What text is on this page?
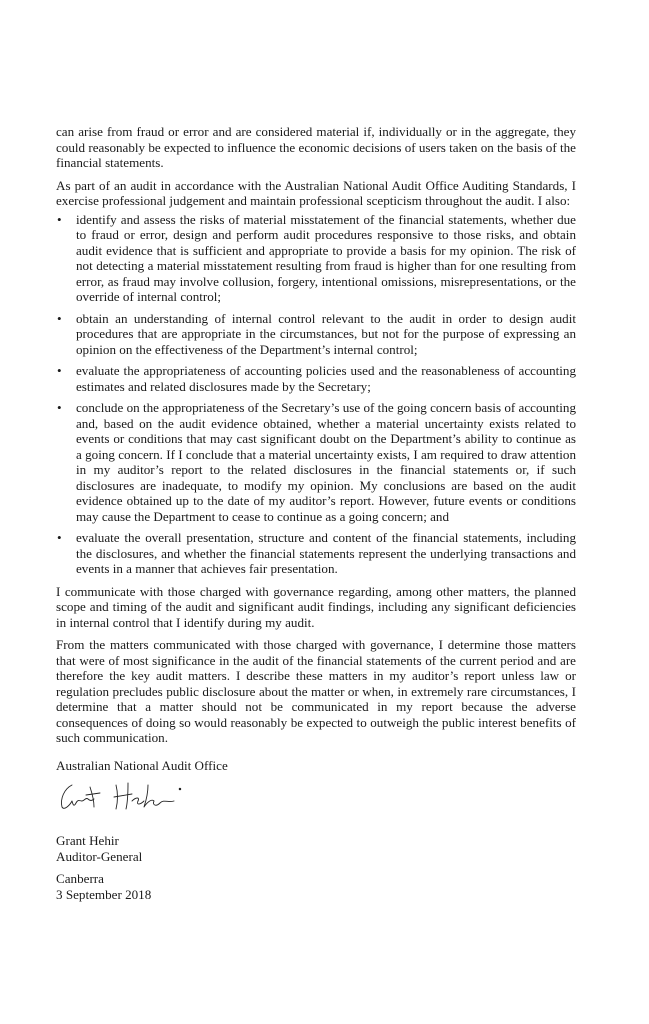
can arise from fraud or error and are considered material if, individually or in the aggregate, they could reasonably be expected to influence the economic decisions of users taken on the basis of the financial statements.

As part of an audit in accordance with the Australian National Audit Office Auditing Standards, I exercise professional judgement and maintain professional scepticism throughout the audit. I also:

• identify and assess the risks of material misstatement of the financial statements, whether due to fraud or error, design and perform audit procedures responsive to those risks, and obtain audit evidence that is sufficient and appropriate to provide a basis for my opinion. The risk of not detecting a material misstatement resulting from fraud is higher than for one resulting from error, as fraud may involve collusion, forgery, intentional omissions, misrepresentations, or the override of internal control;
• obtain an understanding of internal control relevant to the audit in order to design audit procedures that are appropriate in the circumstances, but not for the purpose of expressing an opinion on the effectiveness of the Department’s internal control;
• evaluate the appropriateness of accounting policies used and the reasonableness of accounting estimates and related disclosures made by the Secretary;
• conclude on the appropriateness of the Secretary’s use of the going concern basis of accounting and, based on the audit evidence obtained, whether a material uncertainty exists related to events or conditions that may cast significant doubt on the Department’s ability to continue as a going concern. If I conclude that a material uncertainty exists, I am required to draw attention in my auditor’s report to the related disclosures in the financial statements or, if such disclosures are inadequate, to modify my opinion. My conclusions are based on the audit evidence obtained up to the date of my auditor’s report. However, future events or conditions may cause the Department to cease to continue as a going concern; and
• evaluate the overall presentation, structure and content of the financial statements, including the disclosures, and whether the financial statements represent the underlying transactions and events in a manner that achieves fair presentation.

I communicate with those charged with governance regarding, among other matters, the planned scope and timing of the audit and significant audit findings, including any significant deficiencies in internal control that I identify during my audit.

From the matters communicated with those charged with governance, I determine those matters that were of most significance in the audit of the financial statements of the current period and are therefore the key audit matters. I describe these matters in my auditor’s report unless law or regulation precludes public disclosure about the matter or when, in extremely rare circumstances, I determine that a matter should not be communicated in my report because the adverse consequences of doing so would reasonably be expected to outweigh the public interest benefits of such communication.

Australian National Audit Office
Grant Hehir
Auditor-General
Canberra
3 September 2018
